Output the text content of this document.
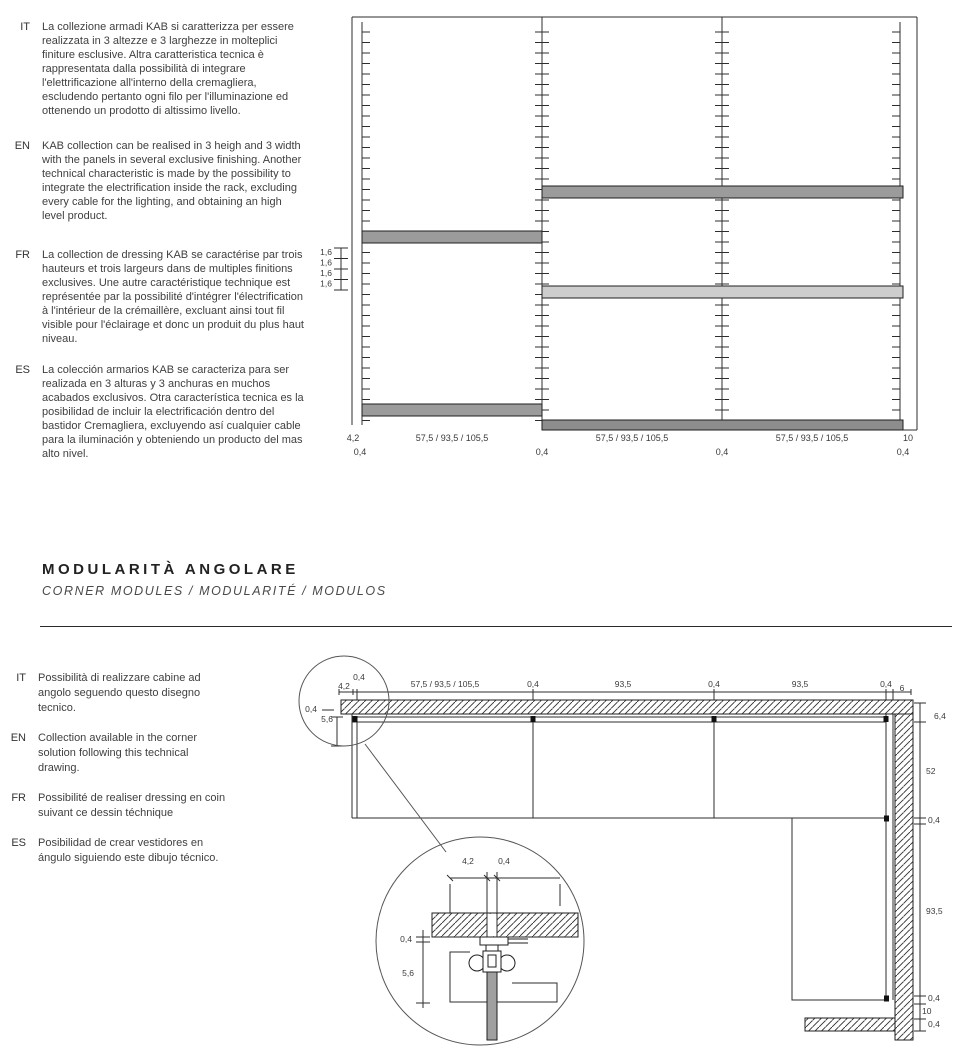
IT La collezione armadi KAB si caratterizza per essere realizzata in 3 altezze e 3 larghezze in molteplici finiture esclusive. Altra caratteristica tecnica è rappresentata dalla possibilità di integrare l'elettrificazione all'interno della cremagliera, escludendo pertanto ogni filo per l'illuminazione ed ottenendo un prodotto di altissimo livello.

EN KAB collection can be realised in 3 heigh and 3 width with the panels in several exclusive finishing. Another technical characteristic is made by the possibility to integrate the electrification inside the rack, excluding every cable for the lighting, and obtaining an high level product.

FR La collection de dressing KAB se caractérise par trois hauteurs et trois largeurs dans de multiples finitions exclusives. Une autre caractéristique technique est représentée par la possibilité d'intégrer l'électrification à l'intérieur de la crémaillère, excluant ainsi tout fil visible pour l'éclairage et donc un produit du plus haut niveau.

ES La colección armarios KAB se caracteriza para ser realizada en 3 alturas y 3 anchuras en muchos acabados exclusivos. Otra característica tecnica es la posibilidad de incluir la electrificación dentro del bastidor Cremagliera, excluyendo así cualquier cable para la iluminación y obteniendo un producto del mas alto nivel.

1,6
1,6
1,6
1,6
4,2	57,5 / 93,5 / 105,5	57,5 / 93,5 / 105,5	57,5 / 93,5 / 105,5	10
0,4	0,4	0,4	0,4
MODULARITÀ ANGOLARE
CORNER MODULES / MODULARITÉ / MODULOS
IT Possibilità di realizzare cabine ad angolo seguendo questo disegno tecnico.

EN Collection available in the corner solution following this technical drawing.

FR Possibilité de realiser dressing en coin suivant ce dessin téchnique

ES Posibilidad de crear vestidores en ángulo siguiendo este dibujo técnico.

4,2
0,4
57,5 / 93,5 / 105,5	0,4	93,5	0,4	93,5	0,4 6
0,4
5,6	6,4
52
0,4
93,5
0,4
10
0,4
4,2	0,4
0,4
5,6
